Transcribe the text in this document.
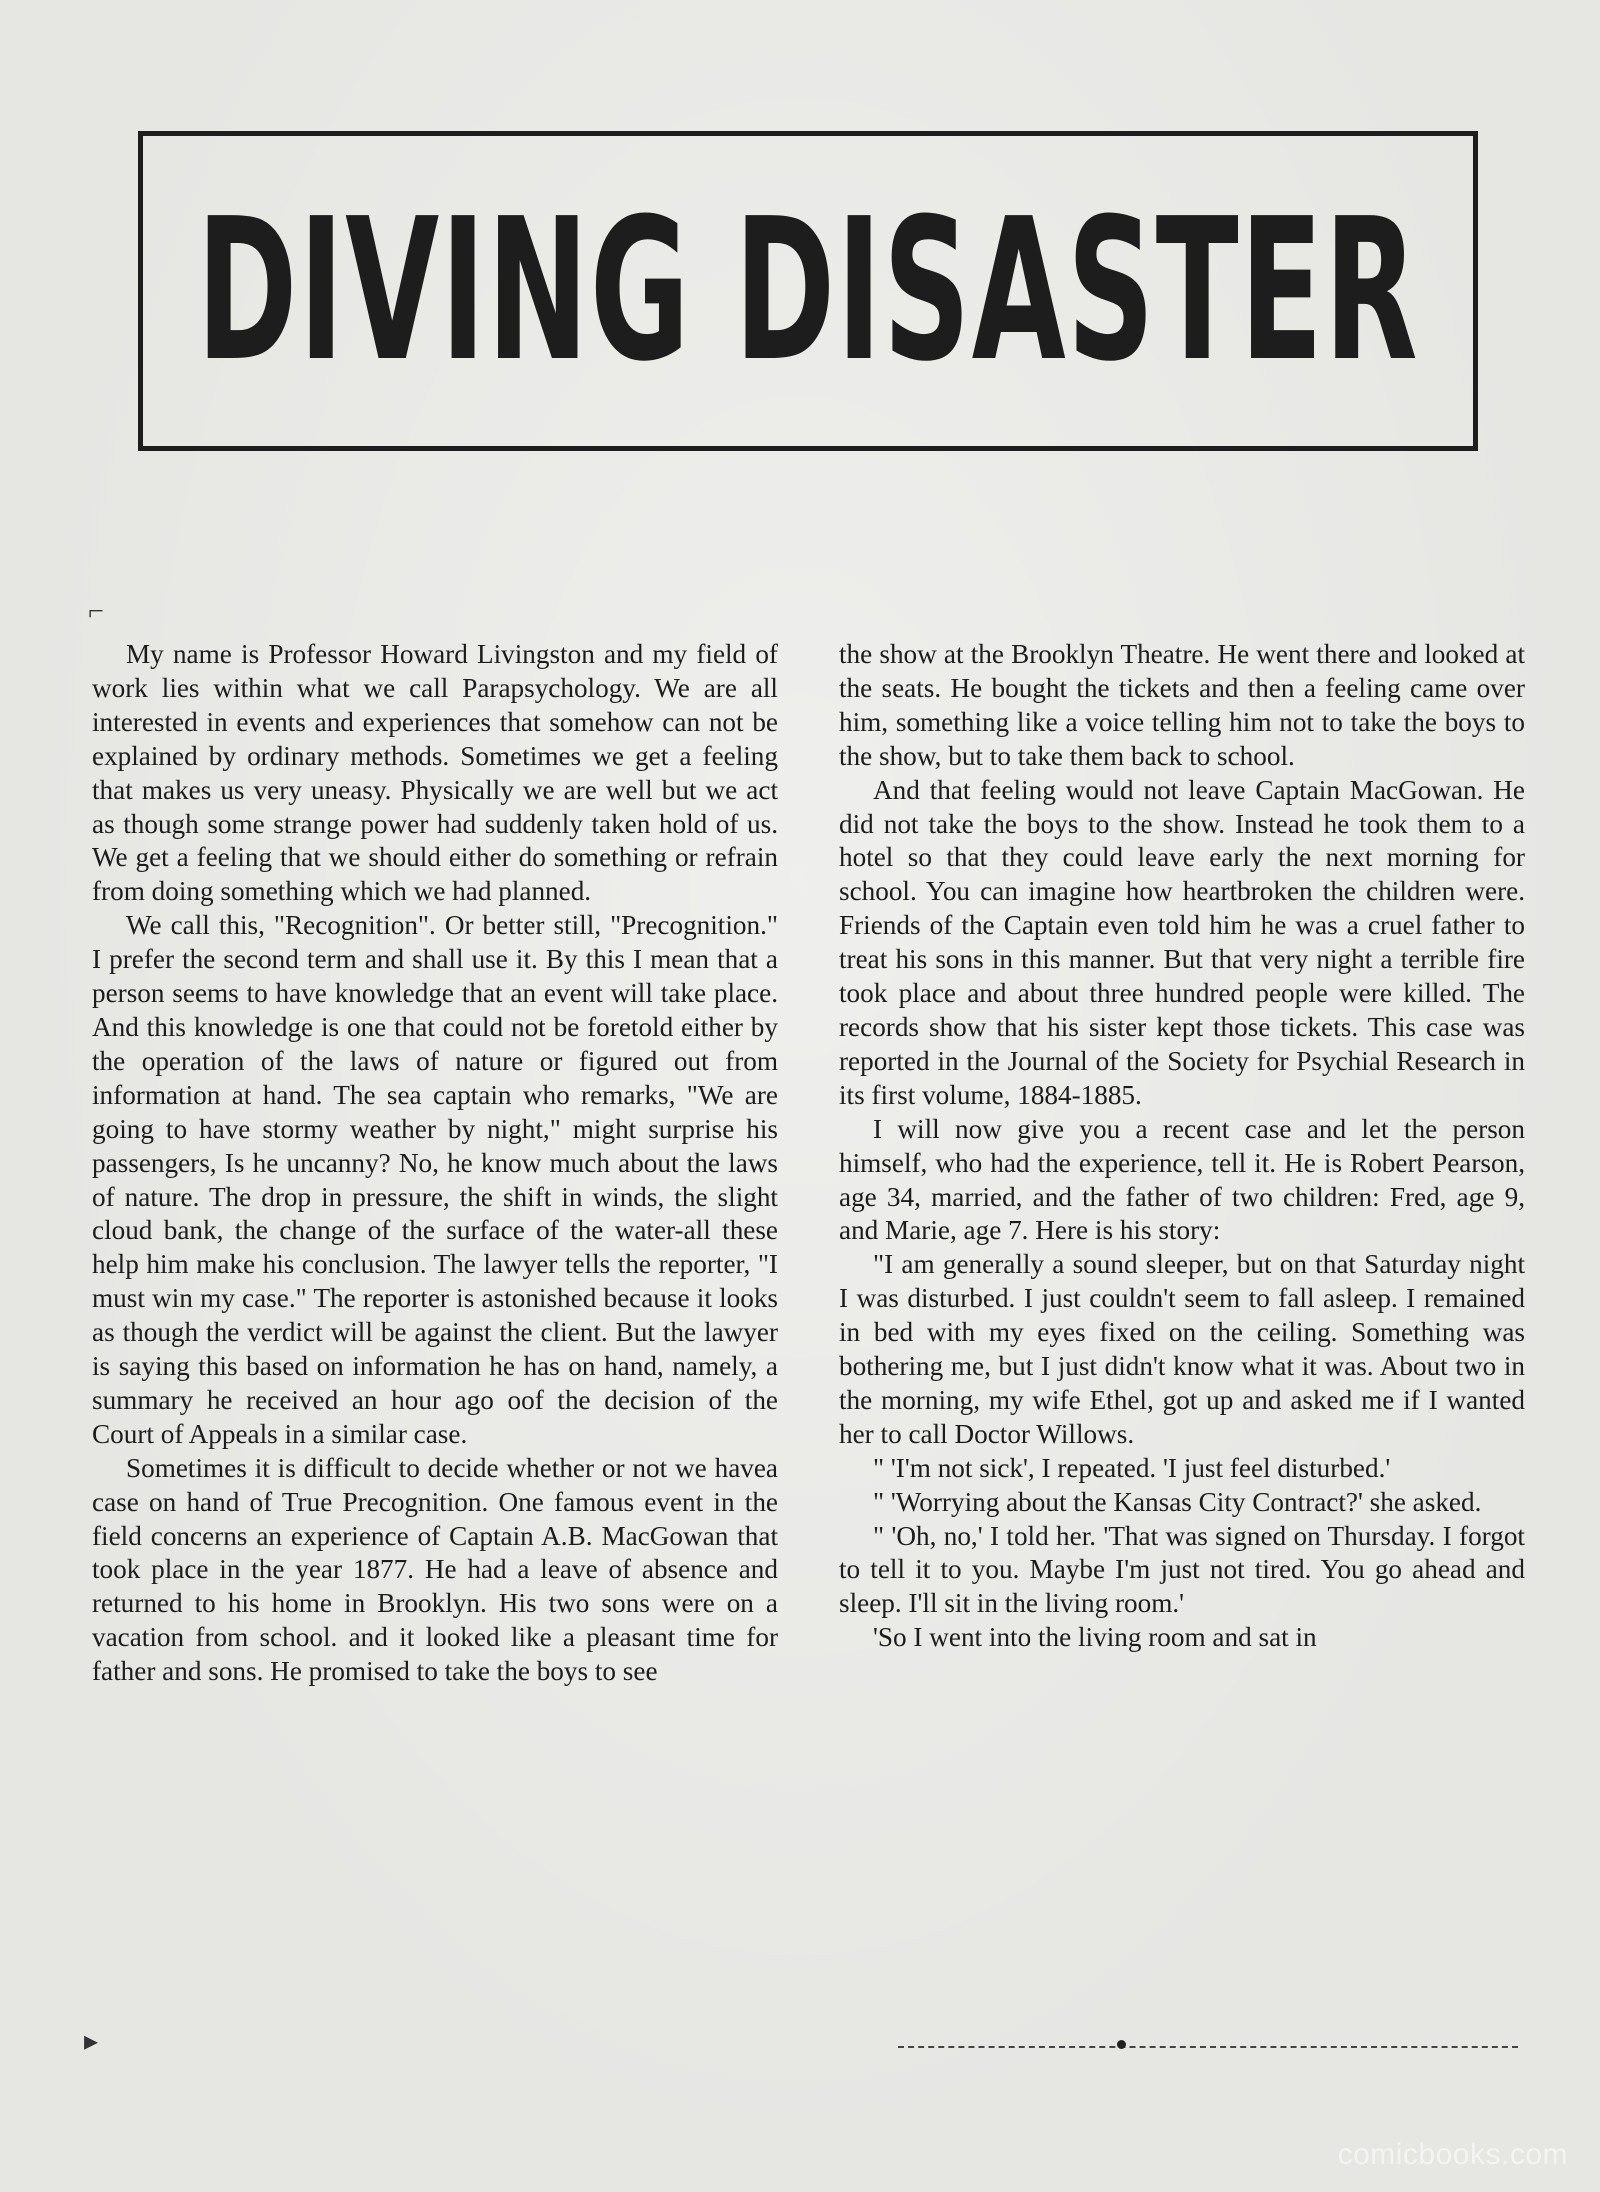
DIVING DISASTER
⌐
▸

My name is Professor Howard Livingston and my field of work lies within what we call Parapsychology. We are all interested in events and experiences that somehow can not be explained by ordinary methods. Sometimes we get a feeling that makes us very uneasy. Physically we are well but we act as though some strange power had suddenly taken hold of us. We get a feeling that we should either do something or refrain from doing something which we had planned.

We call this, "Recognition". Or better still, "Precognition." I prefer the second term and shall use it. By this I mean that a person seems to have knowledge that an event will take place. And this knowledge is one that could not be foretold either by the operation of the laws of nature or figured out from information at hand. The sea captain who remarks, "We are going to have stormy weather by night," might surprise his passengers, Is he uncanny? No, he know much about the laws of nature. The drop in pressure, the shift in winds, the slight cloud bank, the change of the surface of the water-all these help him make his conclusion. The lawyer tells the reporter, "I must win my case." The reporter is astonished because it looks as though the verdict will be against the client. But the lawyer is saying this based on information he has on hand, namely, a summary he received an hour ago oof the decision of the Court of Appeals in a similar case.

Sometimes it is difficult to decide whether or not we havea case on hand of True Precognition. One famous event in the field concerns an experience of Captain A.B. MacGowan that took place in the year 1877. He had a leave of absence and returned to his home in Brooklyn. His two sons were on a vacation from school. and it looked like a pleasant time for father and sons. He promised to take the boys to see

the show at the Brooklyn Theatre. He went there and looked at the seats. He bought the tickets and then a feeling came over him, something like a voice telling him not to take the boys to the show, but to take them back to school.

And that feeling would not leave Captain MacGowan. He did not take the boys to the show. Instead he took them to a hotel so that they could leave early the next morning for school. You can imagine how heartbroken the children were. Friends of the Captain even told him he was a cruel father to treat his sons in this manner. But that very night a terrible fire took place and about three hundred people were killed. The records show that his sister kept those tickets. This case was reported in the Journal of the Society for Psychial Research in its first volume, 1884-1885.

I will now give you a recent case and let the person himself, who had the experience, tell it. He is Robert Pearson, age 34, married, and the father of two children: Fred, age 9, and Marie, age 7. Here is his story:

"I am generally a sound sleeper, but on that Saturday night I was disturbed. I just couldn't seem to fall asleep. I remained in bed with my eyes fixed on the ceiling. Something was bothering me, but I just didn't know what it was. About two in the morning, my wife Ethel, got up and asked me if I wanted her to call Doctor Willows.

" 'I'm not sick', I repeated. 'I just feel disturbed.'

" 'Worrying about the Kansas City Contract?' she asked.

" 'Oh, no,' I told her. 'That was signed on Thursday. I forgot to tell it to you. Maybe I'm just not tired. You go ahead and sleep. I'll sit in the living room.'

'So I went into the living room and sat in

comicbooks.com
